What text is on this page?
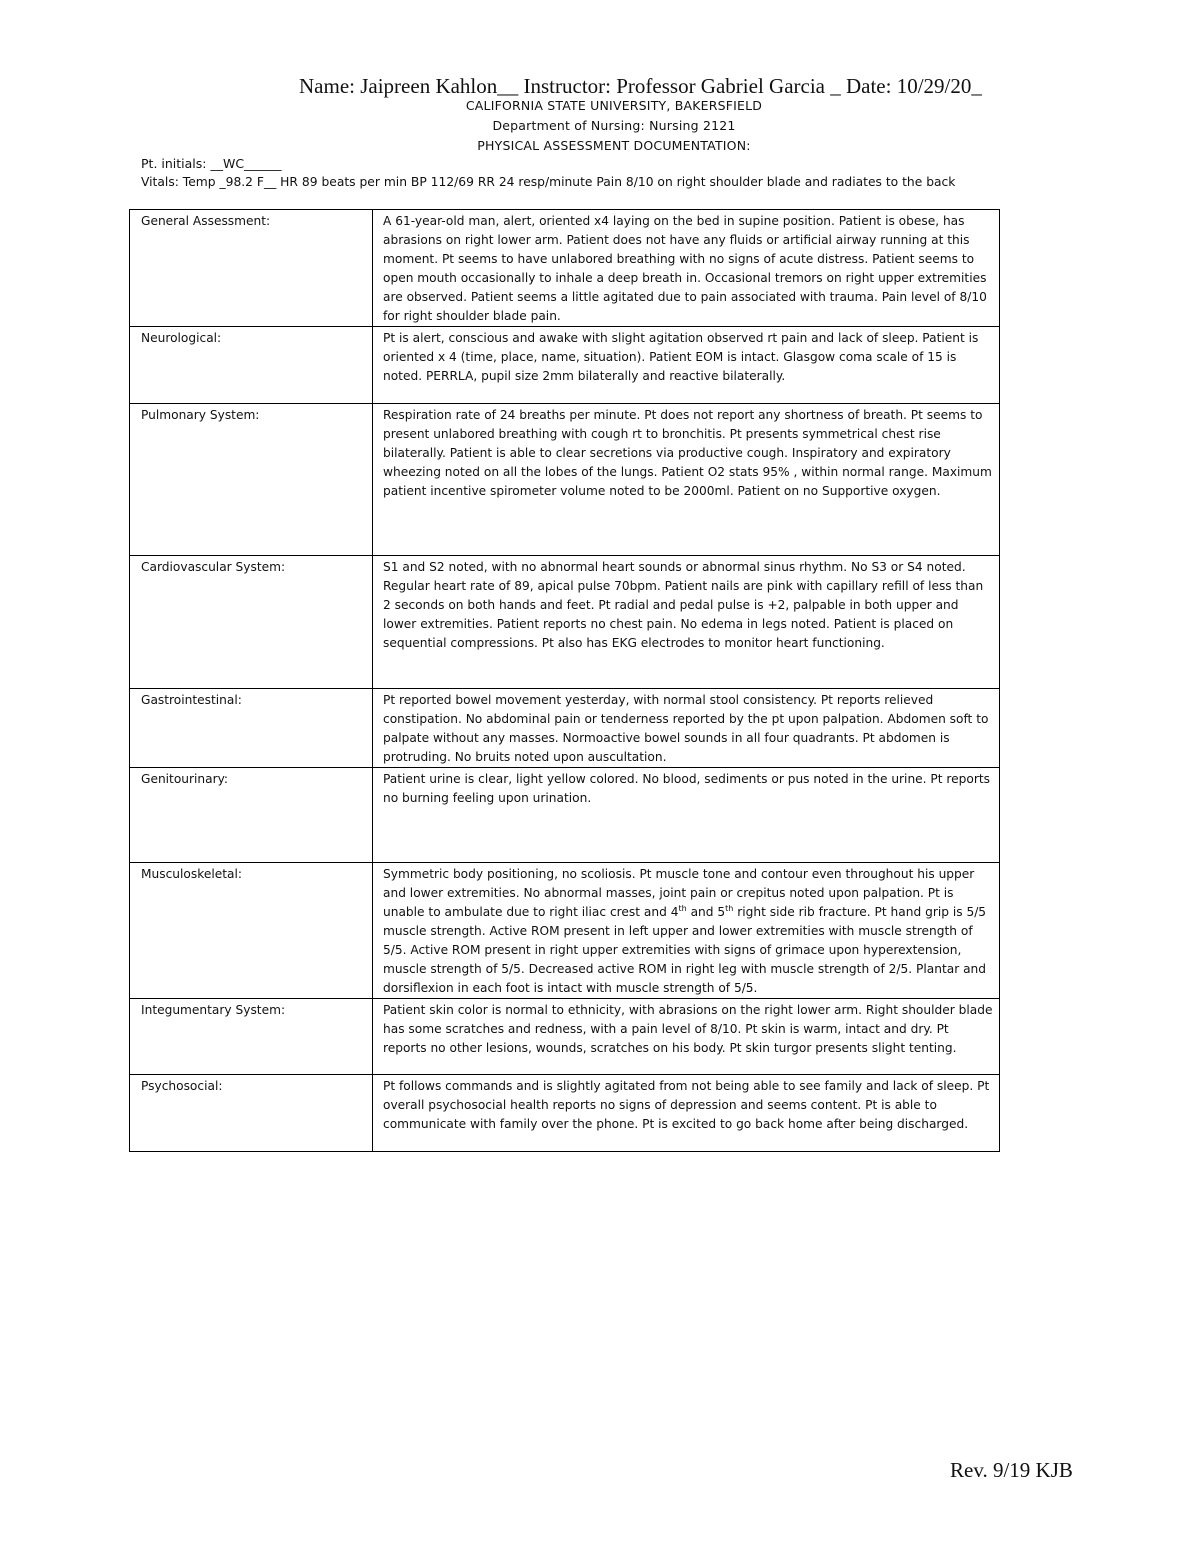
Name: Jaipreen Kahlon__ Instructor: Professor Gabriel Garcia _ Date: 10/29/20_
CALIFORNIA STATE UNIVERSITY, BAKERSFIELD
Department of Nursing: Nursing 2121
PHYSICAL ASSESSMENT DOCUMENTATION:
Pt. initials: __WC______
Vitals: Temp _98.2 F__ HR 89 beats per min BP 112/69 RR 24 resp/minute Pain 8/10 on right shoulder blade and radiates to the back
General Assessment:	A 61-year-old man, alert, oriented x4 laying on the bed in supine position. Patient is obese, has abrasions on right lower arm. Patient does not have any fluids or artificial airway running at this moment. Pt seems to have unlabored breathing with no signs of acute distress. Patient seems to open mouth occasionally to inhale a deep breath in. Occasional tremors on right upper extremities are observed. Patient seems a little agitated due to pain associated with trauma. Pain level of 8/10 for right shoulder blade pain.
Neurological:	Pt is alert, conscious and awake with slight agitation observed rt pain and lack of sleep. Patient is oriented x 4 (time, place, name, situation). Patient EOM is intact. Glasgow coma scale of 15 is noted. PERRLA, pupil size 2mm bilaterally and reactive bilaterally.
Pulmonary System:	Respiration rate of 24 breaths per minute. Pt does not report any shortness of breath. Pt seems to present unlabored breathing with cough rt to bronchitis. Pt presents symmetrical chest rise bilaterally. Patient is able to clear secretions via productive cough. Inspiratory and expiratory wheezing noted on all the lobes of the lungs. Patient O2 stats 95% , within normal range. Maximum patient incentive spirometer volume noted to be 2000ml. Patient on no Supportive oxygen.
Cardiovascular System:	S1 and S2 noted, with no abnormal heart sounds or abnormal sinus rhythm. No S3 or S4 noted. Regular heart rate of 89, apical pulse 70bpm. Patient nails are pink with capillary refill of less than 2 seconds on both hands and feet. Pt radial and pedal pulse is +2, palpable in both upper and lower extremities. Patient reports no chest pain. No edema in legs noted. Patient is placed on sequential compressions. Pt also has EKG electrodes to monitor heart functioning.
Gastrointestinal:	Pt reported bowel movement yesterday, with normal stool consistency. Pt reports relieved constipation. No abdominal pain or tenderness reported by the pt upon palpation. Abdomen soft to palpate without any masses. Normoactive bowel sounds in all four quadrants. Pt abdomen is protruding. No bruits noted upon auscultation.
Genitourinary:	Patient urine is clear, light yellow colored. No blood, sediments or pus noted in the urine. Pt reports no burning feeling upon urination.
Musculoskeletal:	Symmetric body positioning, no scoliosis. Pt muscle tone and contour even throughout his upper and lower extremities. No abnormal masses, joint pain or crepitus noted upon palpation. Pt is unable to ambulate due to right iliac crest and 4th and 5th right side rib fracture. Pt hand grip is 5/5 muscle strength. Active ROM present in left upper and lower extremities with muscle strength of 5/5. Active ROM present in right upper extremities with signs of grimace upon hyperextension, muscle strength of 5/5. Decreased active ROM in right leg with muscle strength of 2/5. Plantar and dorsiflexion in each foot is intact with muscle strength of 5/5.
Integumentary System:	Patient skin color is normal to ethnicity, with abrasions on the right lower arm. Right shoulder blade has some scratches and redness, with a pain level of 8/10. Pt skin is warm, intact and dry. Pt reports no other lesions, wounds, scratches on his body. Pt skin turgor presents slight tenting.
Psychosocial:	Pt follows commands and is slightly agitated from not being able to see family and lack of sleep. Pt overall psychosocial health reports no signs of depression and seems content. Pt is able to communicate with family over the phone. Pt is excited to go back home after being discharged.
Rev. 9/19 KJB
